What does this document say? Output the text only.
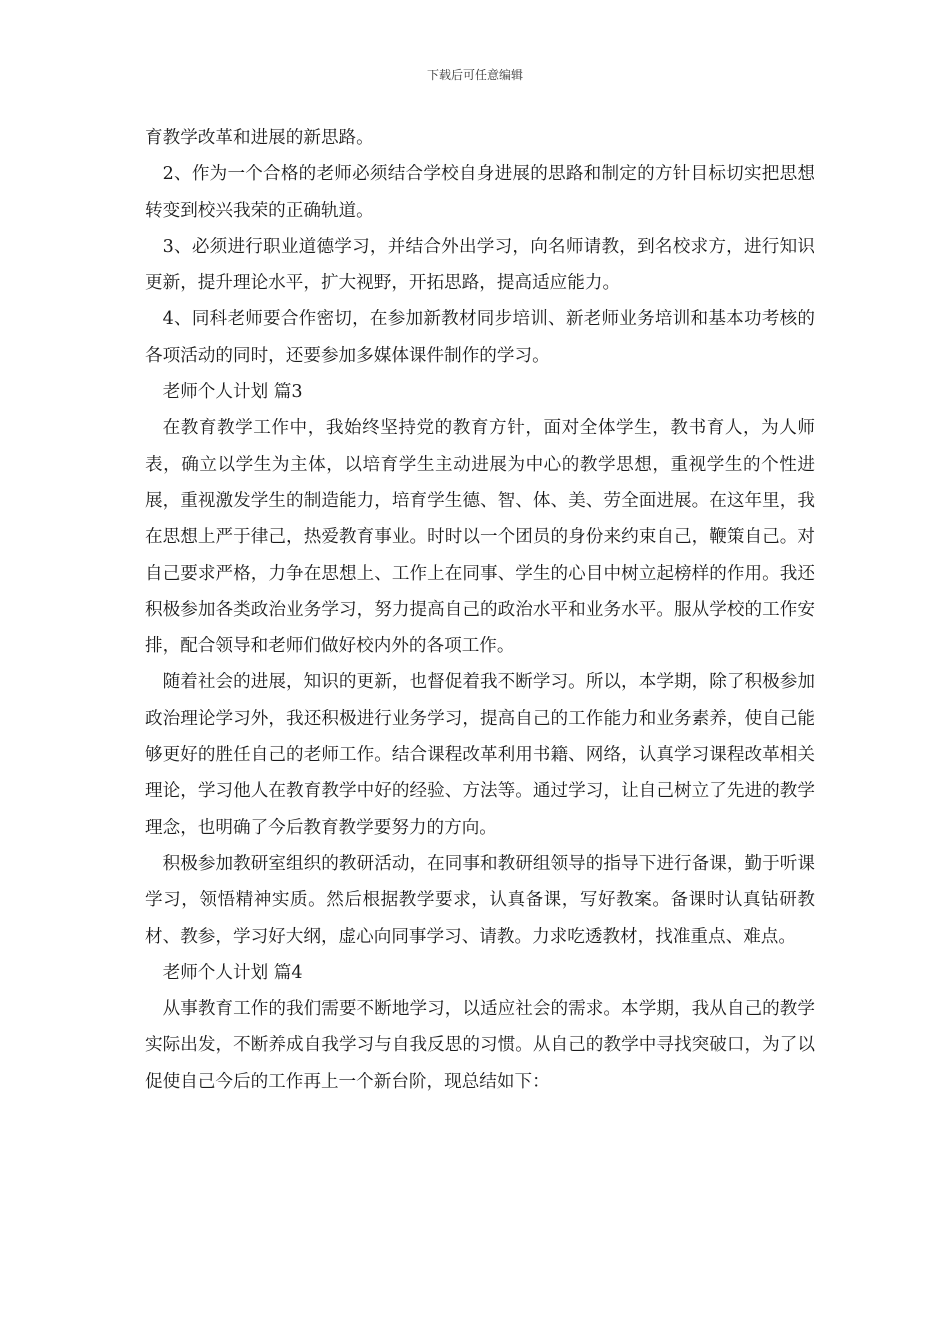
下载后可任意编辑

育教学改革和进展的新思路。

2、作为一个合格的老师必须结合学校自身进展的思路和制定的方针目标切实把思想转变到校兴我荣的正确轨道。

3、必须进行职业道德学习，并结合外出学习，向名师请教，到名校求方，进行知识更新，提升理论水平，扩大视野，开拓思路，提高适应能力。

4、同科老师要合作密切，在参加新教材同步培训、新老师业务培训和基本功考核的各项活动的同时，还要参加多媒体课件制作的学习。

老师个人计划 篇3

在教育教学工作中，我始终坚持党的教育方针，面对全体学生，教书育人，为人师表，确立以学生为主体，以培育学生主动进展为中心的教学思想，重视学生的个性进展，重视激发学生的制造能力，培育学生德、智、体、美、劳全面进展。在这年里，我在思想上严于律己，热爱教育事业。时时以一个团员的身份来约束自己，鞭策自己。对自己要求严格，力争在思想上、工作上在同事、学生的心目中树立起榜样的作用。我还积极参加各类政治业务学习，努力提高自己的政治水平和业务水平。服从学校的工作安排，配合领导和老师们做好校内外的各项工作。

随着社会的进展，知识的更新，也督促着我不断学习。所以，本学期，除了积极参加政治理论学习外，我还积极进行业务学习，提高自己的工作能力和业务素养，使自己能够更好的胜任自己的老师工作。结合课程改革利用书籍、网络，认真学习课程改革相关理论，学习他人在教育教学中好的经验、方法等。通过学习，让自己树立了先进的教学理念，也明确了今后教育教学要努力的方向。

积极参加教研室组织的教研活动，在同事和教研组领导的指导下进行备课，勤于听课学习，领悟精神实质。然后根据教学要求，认真备课，写好教案。备课时认真钻研教材、教参，学习好大纲，虚心向同事学习、请教。力求吃透教材，找准重点、难点。

老师个人计划 篇4

从事教育工作的我们需要不断地学习，以适应社会的需求。本学期，我从自己的教学实际出发，不断养成自我学习与自我反思的习惯。从自己的教学中寻找突破口，为了以促使自己今后的工作再上一个新台阶，现总结如下：
